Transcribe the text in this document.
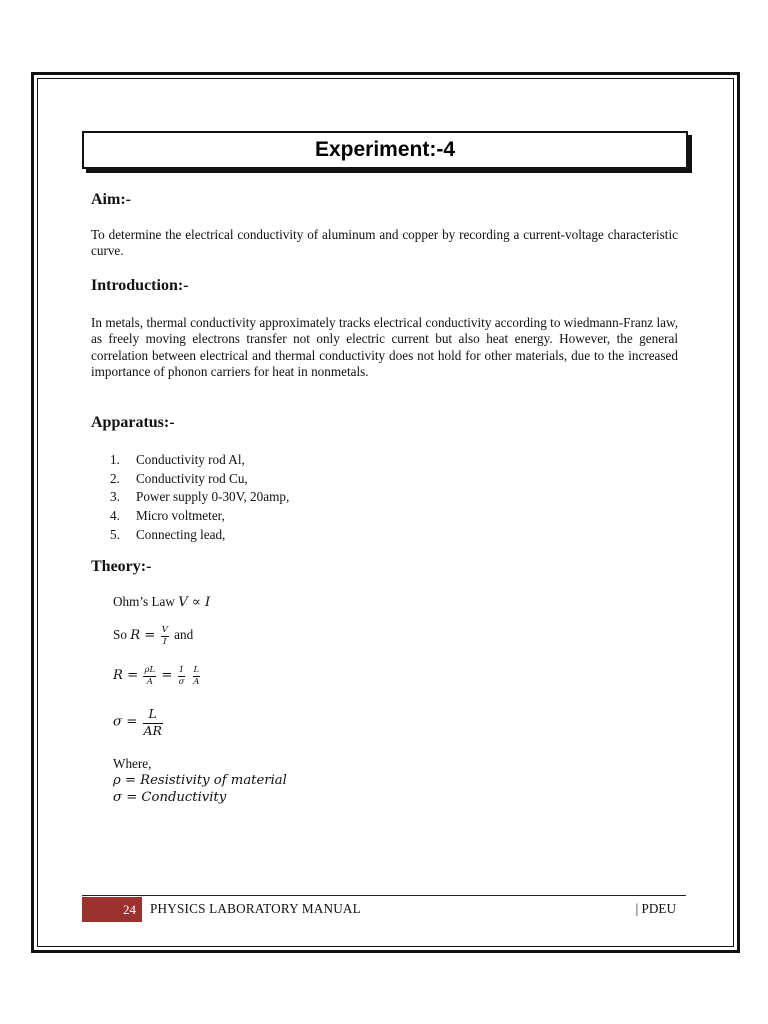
Experiment:-4
Aim:-

To determine the electrical conductivity of aluminum and copper by recording a current-voltage characteristic curve.

Introduction:-

In metals, thermal conductivity approximately tracks electrical conductivity according to wiedmann-Franz law, as freely moving electrons transfer not only electric current but also heat energy. However, the general correlation between electrical and thermal conductivity does not hold for other materials, due to the increased importance of phonon carriers for heat in nonmetals.

Apparatus:-
1.	Conductivity rod Al,
2.	Conductivity rod Cu,
3.	Power supply 0-30V, 20amp,
4.	Micro voltmeter,
5.	Connecting lead,
Theory:-
Ohm’s Law V ∝ I
So $R = \frac{V}{I}$ and
$R = \frac{\rho L}{A} = \frac{1}{\sigma}$
$\frac{L}{A}$
$\sigma = \frac{L}{AR}$
Where,
ρ = Resistivity of material
σ = Conductivity
24	PHYSICS LABORATORY MANUAL	| PDEU
